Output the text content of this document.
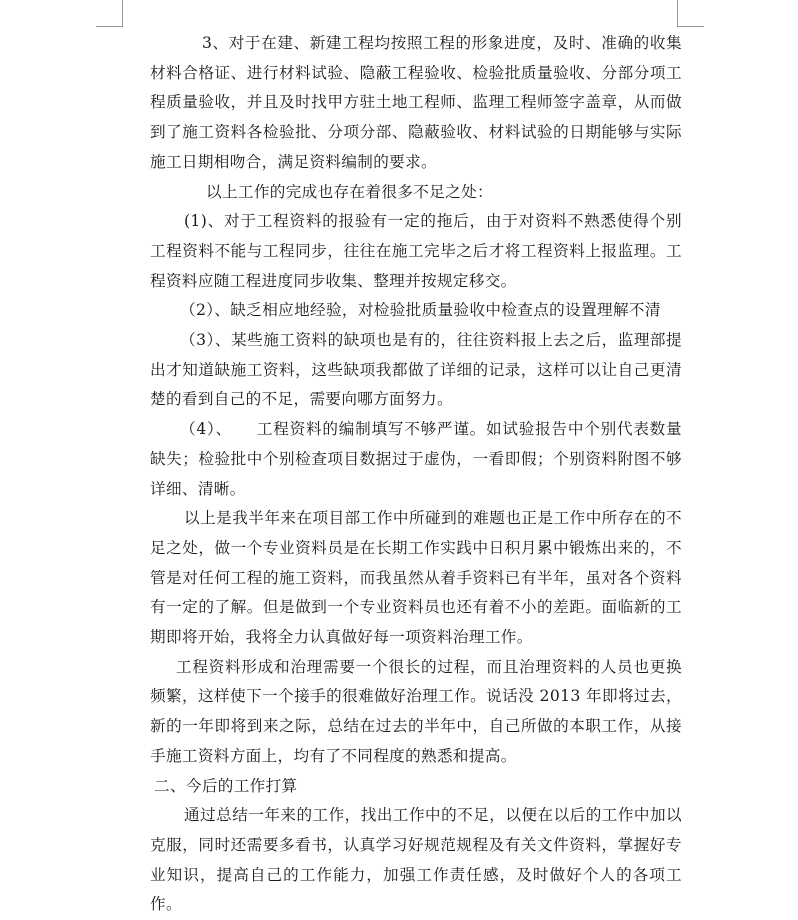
3、对于在建、新建工程均按照工程的形象进度，及时、准确的收集材料合格证、进行材料试验、隐蔽工程验收、检验批质量验收、分部分项工程质量验收，并且及时找甲方驻土地工程师、监理工程师签字盖章，从而做到了施工资料各检验批、分项分部、隐蔽验收、材料试验的日期能够与实际施工日期相吻合，满足资料编制的要求。

以上工作的完成也存在着很多不足之处：

(1)、对于工程资料的报验有一定的拖后，由于对资料不熟悉使得个别工程资料不能与工程同步，往往在施工完毕之后才将工程资料上报监理。工程资料应随工程进度同步收集、整理并按规定移交。

（2）、缺乏相应地经验，对检验批质量验收中检查点的设置理解不清

（3）、某些施工资料的缺项也是有的，往往资料报上去之后，监理部提出才知道缺施工资料，这些缺项我都做了详细的记录，这样可以让自己更清楚的看到自己的不足，需要向哪方面努力。

（4）、　　工程资料的编制填写不够严谨。如试验报告中个别代表数量缺失；检验批中个别检查项目数据过于虚伪，一看即假；个别资料附图不够详细、清晰。

以上是我半年来在项目部工作中所碰到的难题也正是工作中所存在的不足之处，做一个专业资料员是在长期工作实践中日积月累中锻炼出来的，不管是对任何工程的施工资料，而我虽然从着手资料已有半年，虽对各个资料有一定的了解。但是做到一个专业资料员也还有着不小的差距。面临新的工期即将开始，我将全力认真做好每一项资料治理工作。

工程资料形成和治理需要一个很长的过程，而且治理资料的人员也更换频繁，这样使下一个接手的很难做好治理工作。说话没 2013 年即将过去，新的一年即将到来之际，总结在过去的半年中，自己所做的本职工作，从接手施工资料方面上，均有了不同程度的熟悉和提高。

二、今后的工作打算

通过总结一年来的工作，找出工作中的不足，以便在以后的工作中加以克服，同时还需要多看书，认真学习好规范规程及有关文件资料，掌握好专业知识，提高自己的工作能力，加强工作责任感，及时做好个人的各项工作。
